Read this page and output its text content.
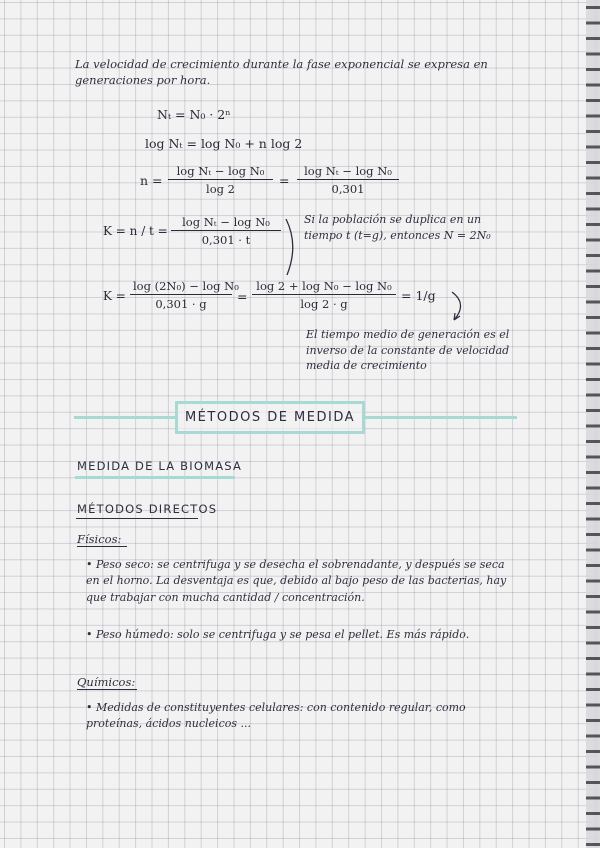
La velocidad de crecimiento durante la fase exponencial se expresa en generaciones por hora.
Nₜ = N₀ · 2ⁿ
log Nₜ = log N₀ + n log 2
$n = \frac{\text{log Nₜ − log N₀}}{\log 2} = \frac{\text{log Nₜ − log N₀}}{0,301}$
$K = n / t = \frac{\text{log Nₜ − log N₀}}{0,301 \cdot t}$ Si la población se duplica en un tiempo t (t=g), entonces N = 2N₀
$K = \frac{\text{log (2N₀) − log N₀}}{0,301 \cdot g} = \frac{\text{log 2 + log N₀ − log N₀}}{\log 2 \cdot g} = 1/g$
El tiempo medio de generación es el inverso de la constante de velocidad media de crecimiento
MÉTODOS DE MEDIDA
MEDIDA DE LA BIOMASA
MÉTODOS DIRECTOS
Físicos:
• Peso seco: se centrifuga y se desecha el sobrenadante, y después se seca en el horno. La desventaja es que, debido al bajo peso de las bacterias, hay que trabajar con mucha cantidad / concentración.
• Peso húmedo: solo se centrifuga y se pesa el pellet. Es más rápido.
Químicos:
• Medidas de constituyentes celulares: con contenido regular, como proteínas, ácidos nucleicos ...
